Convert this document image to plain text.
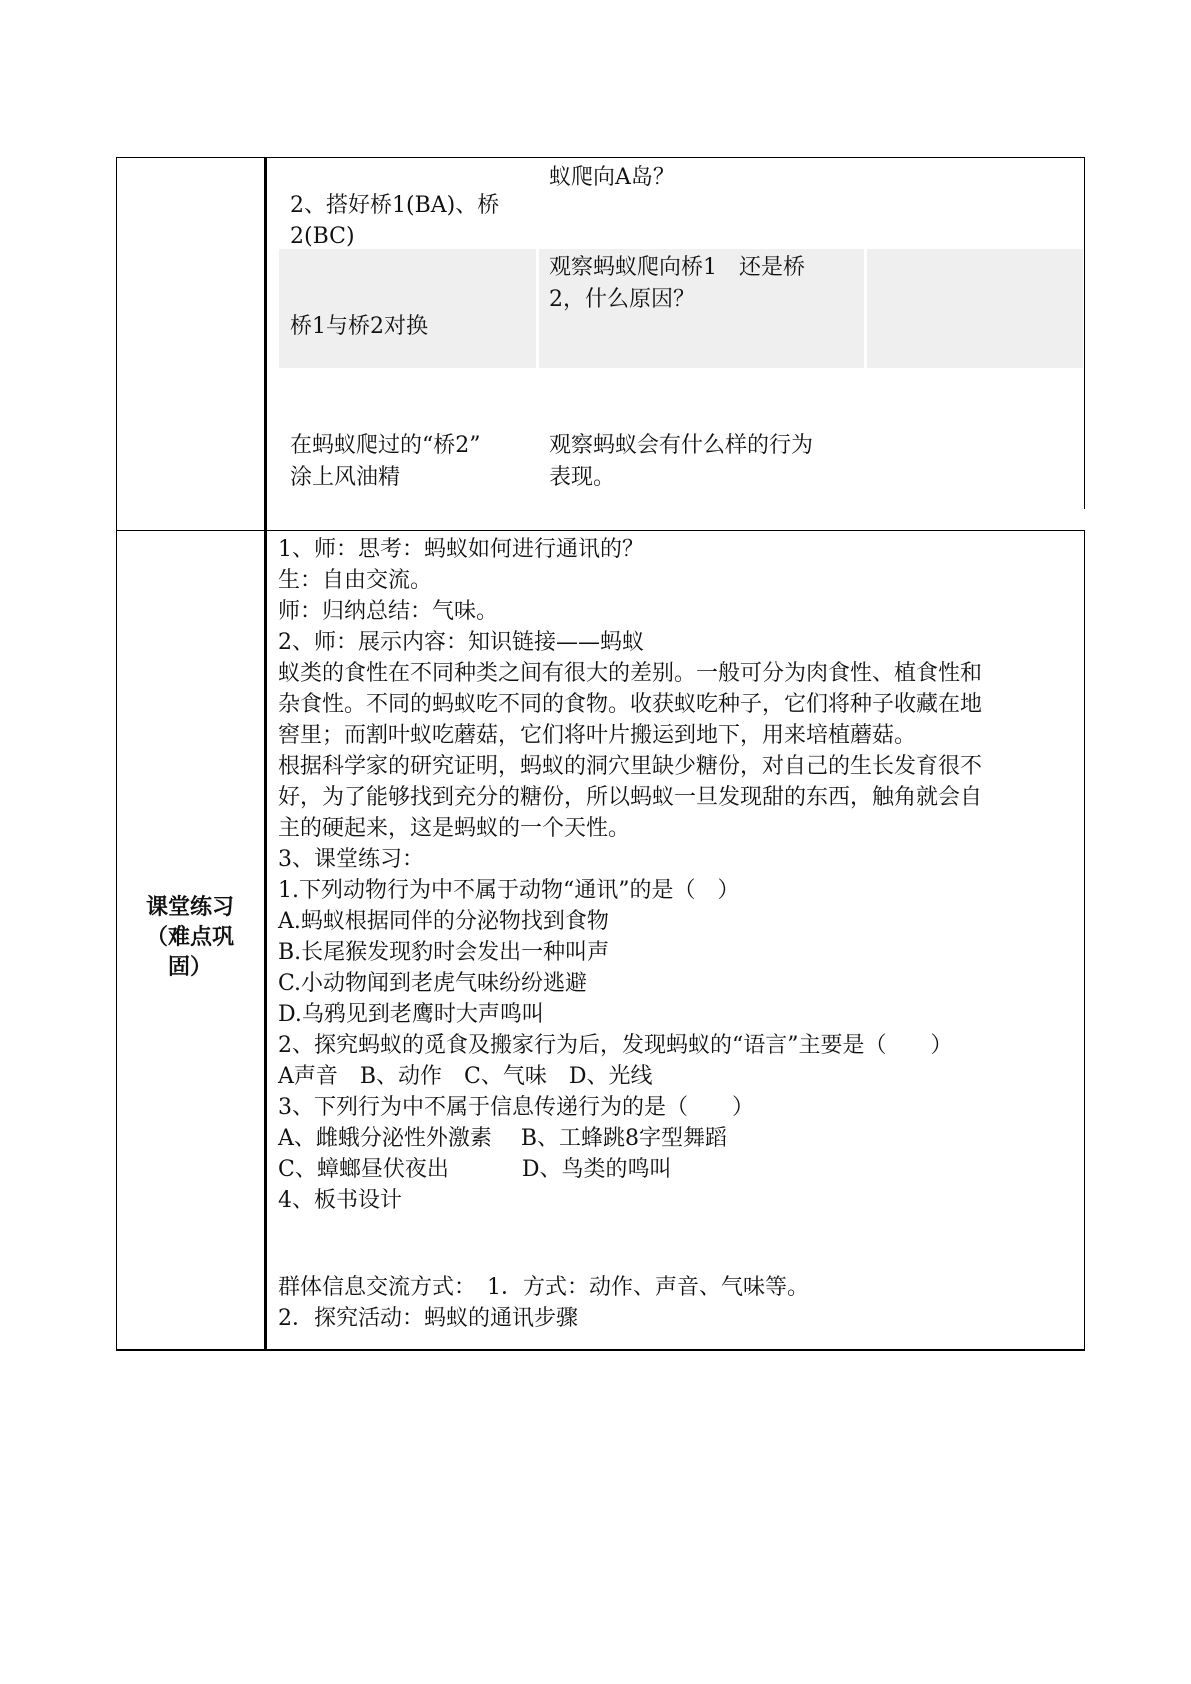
2、搭好桥1(BA)、桥
2(BC)
蚁爬向A岛？
桥1与桥2对换
观察蚂蚁爬向桥1　还是桥
2，什么原因？
在蚂蚁爬过的“桥2”
涂上风油精
观察蚂蚁会有什么样的行为
表现。
课堂练习
（难点巩
固）
1、师：思考：蚂蚁如何进行通讯的？
生：自由交流。
师：归纳总结：气味。
2、师：展示内容：知识链接——蚂蚁
蚁类的食性在不同种类之间有很大的差别。一般可分为肉食性、植食性和
杂食性。不同的蚂蚁吃不同的食物。收获蚁吃种子，它们将种子收藏在地
窖里；而割叶蚁吃蘑菇，它们将叶片搬运到地下，用来培植蘑菇。
根据科学家的研究证明，蚂蚁的洞穴里缺少糖份，对自己的生长发育很不
好，为了能够找到充分的糖份，所以蚂蚁一旦发现甜的东西，触角就会自
主的硬起来，这是蚂蚁的一个天性。
3、课堂练习：
1.下列动物行为中不属于动物“通讯”的是（　）
A.蚂蚁根据同伴的分泌物找到食物
B.长尾猴发现豹时会发出一种叫声
C.小动物闻到老虎气味纷纷逃避
D.乌鸦见到老鹰时大声鸣叫
2、探究蚂蚁的觅食及搬家行为后，发现蚂蚁的“语言”主要是（　　）
A声音　B、动作　C、气味　D、光线
3、下列行为中不属于信息传递行为的是（　　）
A、雌蛾分泌性外激素　 B、工蜂跳8字型舞蹈
C、蟑螂昼伏夜出　　　 D、鸟类的鸣叫
4、板书设计
群体信息交流方式：　1．方式：动作、声音、气味等。
2．探究活动：蚂蚁的通讯步骤
